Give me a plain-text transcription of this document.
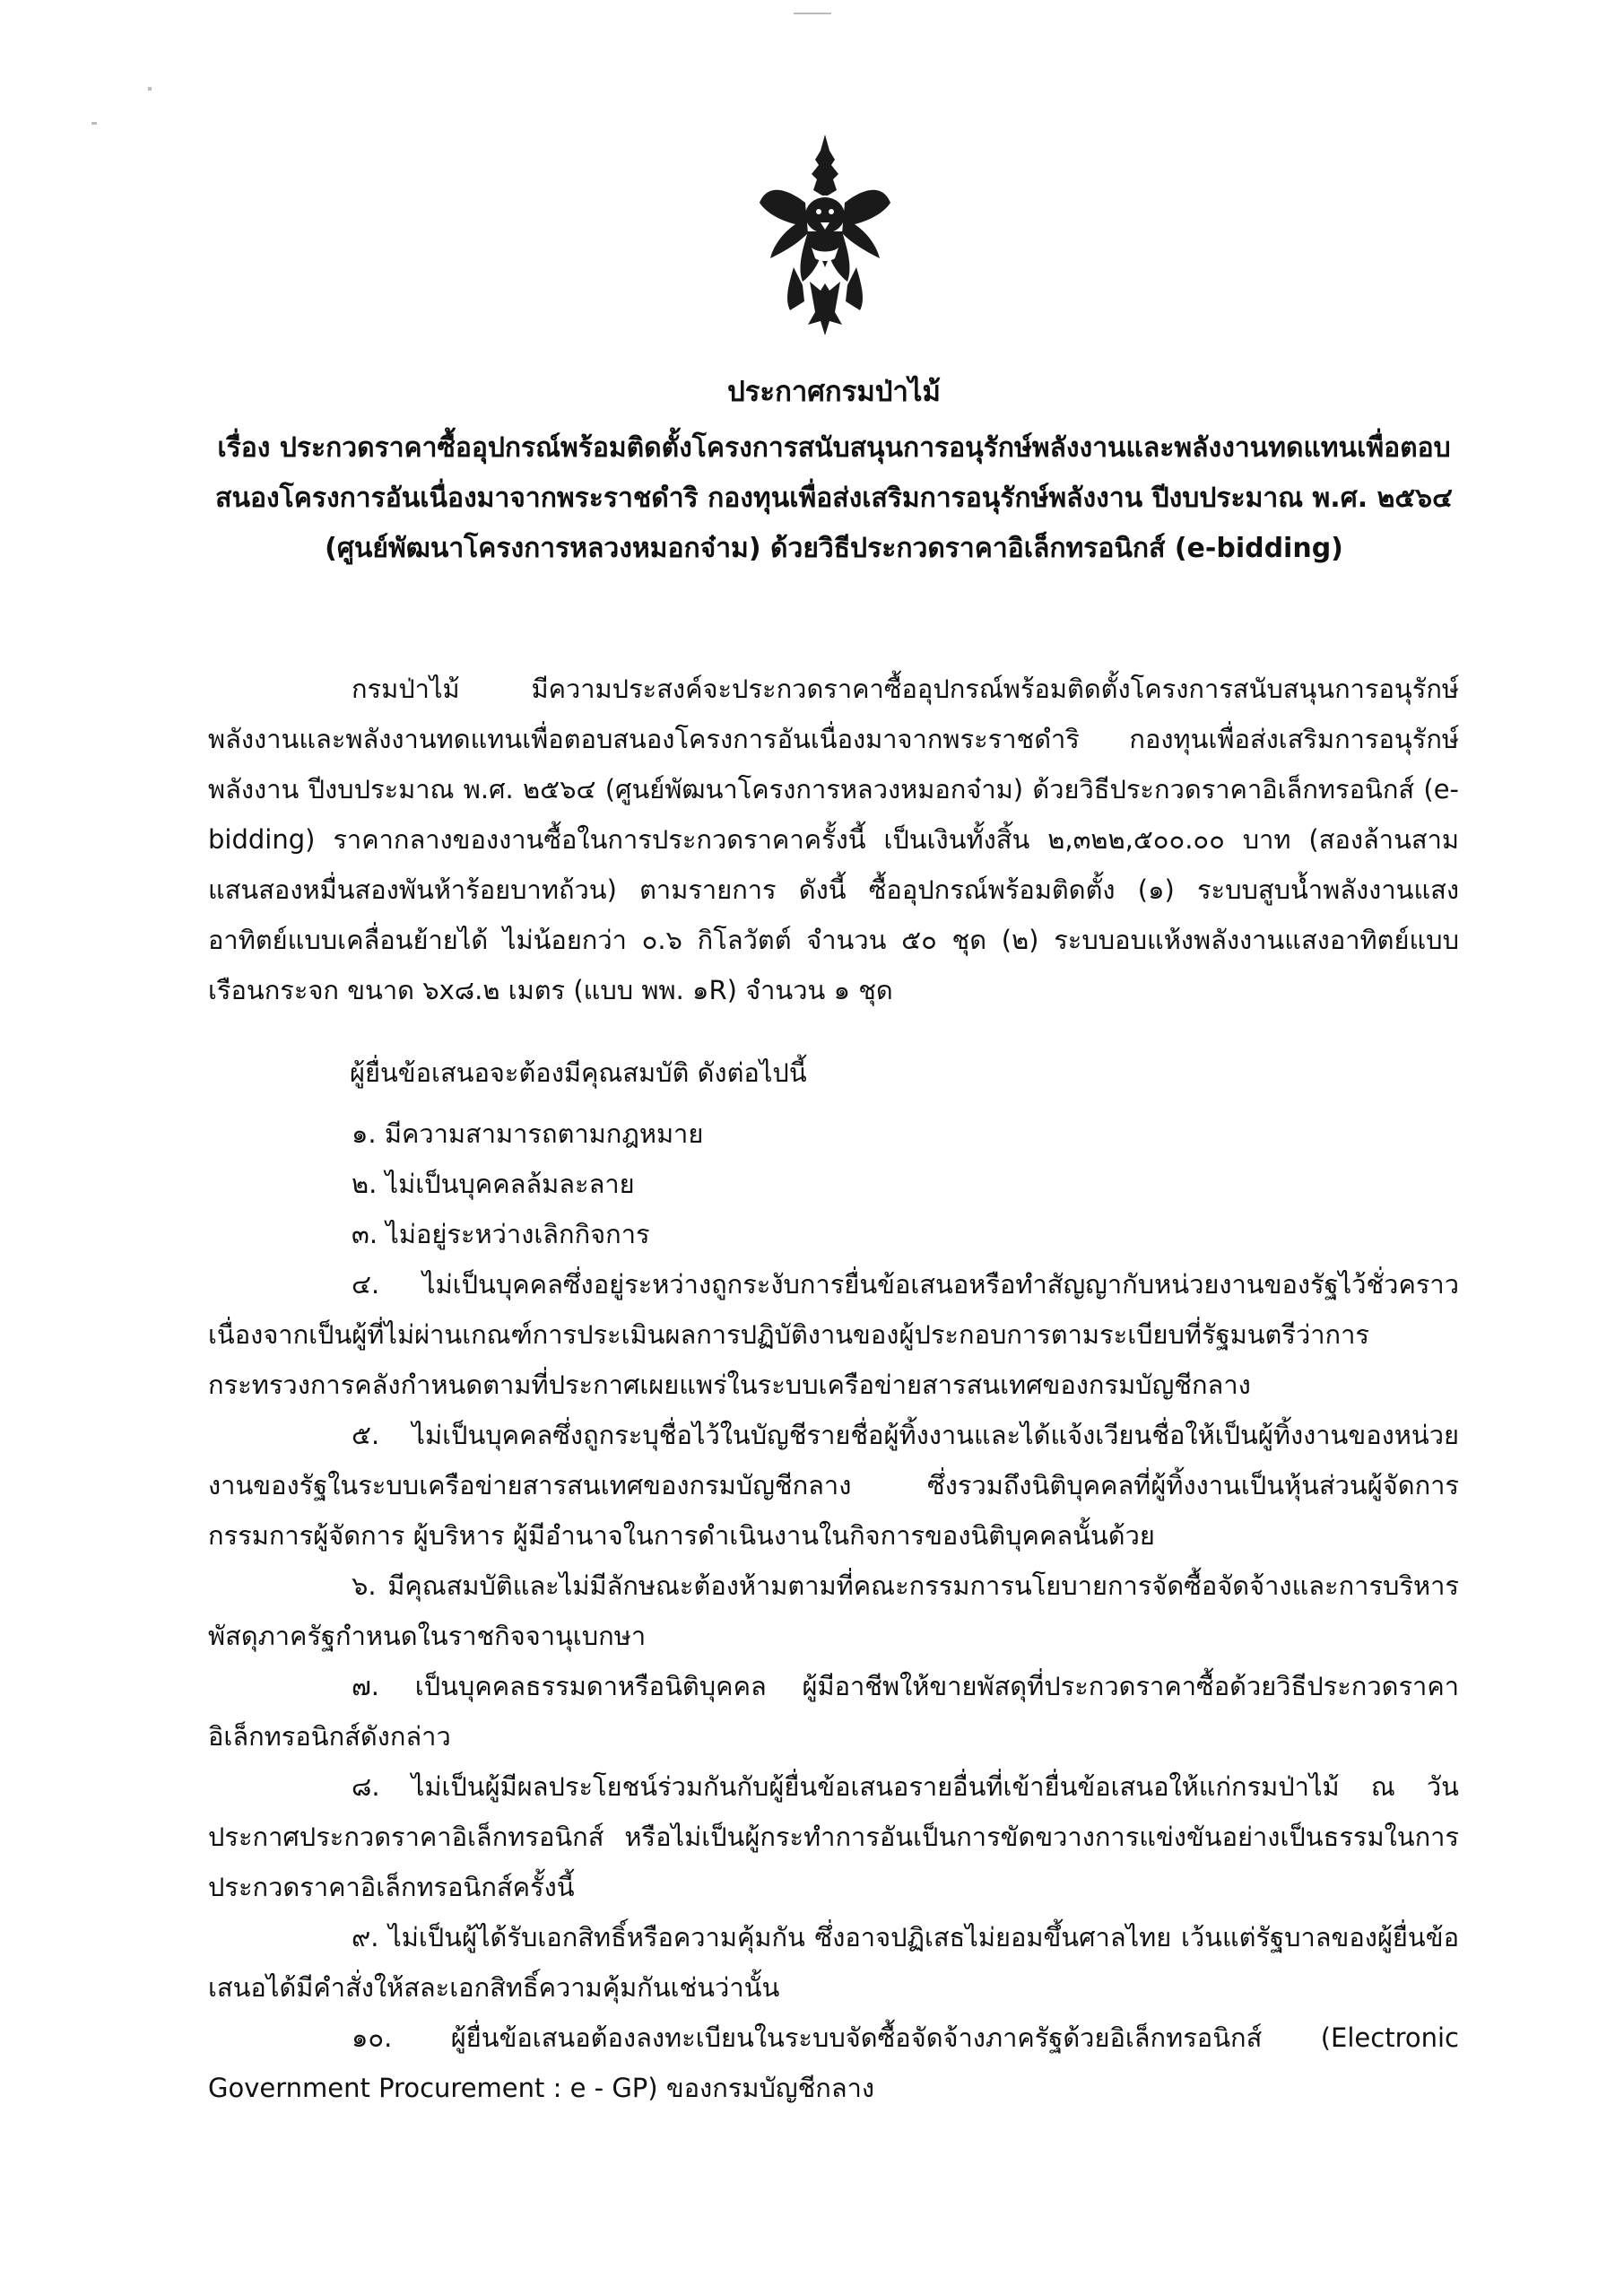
ประกาศกรมป่าไม้
เรื่อง ประกวดราคาซื้ออุปกรณ์พร้อมติดตั้งโครงการสนับสนุนการอนุรักษ์พลังงานและพลังงานทดแทนเพื่อตอบสนองโครงการอันเนื่องมาจากพระราชดำริ กองทุนเพื่อส่งเสริมการอนุรักษ์พลังงาน ปีงบประมาณ พ.ศ. ๒๕๖๔ (ศูนย์พัฒนาโครงการหลวงหมอกจ๋าม) ด้วยวิธีประกวดราคาอิเล็กทรอนิกส์ (e-bidding)
กรมป่าไม้ มีความประสงค์จะประกวดราคาซื้ออุปกรณ์พร้อมติดตั้งโครงการสนับสนุนการอนุรักษ์พลังงานและพลังงานทดแทนเพื่อตอบสนองโครงการอันเนื่องมาจากพระราชดำริ กองทุนเพื่อส่งเสริมการอนุรักษ์พลังงาน ปีงบประมาณ พ.ศ. ๒๕๖๔ (ศูนย์พัฒนาโครงการหลวงหมอกจ๋าม) ด้วยวิธีประกวดราคาอิเล็กทรอนิกส์ (e-bidding) ราคากลางของงานซื้อในการประกวดราคาครั้งนี้ เป็นเงินทั้งสิ้น ๒,๓๒๒,๕๐๐.๐๐ บาท (สองล้านสามแสนสองหมื่นสองพันห้าร้อยบาทถ้วน) ตามรายการ ดังนี้ ซื้ออุปกรณ์พร้อมติดตั้ง (๑) ระบบสูบน้ำพลังงานแสงอาทิตย์แบบเคลื่อนย้ายได้ ไม่น้อยกว่า ๐.๖ กิโลวัตต์ จำนวน ๕๐ ชุด (๒) ระบบอบแห้งพลังงานแสงอาทิตย์แบบเรือนกระจก ขนาด ๖x๘.๒ เมตร (แบบ พพ. ๑R) จำนวน ๑ ชุด
ผู้ยื่นข้อเสนอจะต้องมีคุณสมบัติ ดังต่อไปนี้
๑. มีความสามารถตามกฎหมาย
๒. ไม่เป็นบุคคลล้มละลาย
๓. ไม่อยู่ระหว่างเลิกกิจการ
๔. ไม่เป็นบุคคลซึ่งอยู่ระหว่างถูกระงับการยื่นข้อเสนอหรือทำสัญญากับหน่วยงานของรัฐไว้ชั่วคราวเนื่องจากเป็นผู้ที่ไม่ผ่านเกณฑ์การประเมินผลการปฏิบัติงานของผู้ประกอบการตามระเบียบที่รัฐมนตรีว่าการกระทรวงการคลังกำหนดตามที่ประกาศเผยแพร่ในระบบเครือข่ายสารสนเทศของกรมบัญชีกลาง
๕. ไม่เป็นบุคคลซึ่งถูกระบุชื่อไว้ในบัญชีรายชื่อผู้ทิ้งงานและได้แจ้งเวียนชื่อให้เป็นผู้ทิ้งงานของหน่วยงานของรัฐในระบบเครือข่ายสารสนเทศของกรมบัญชีกลาง ซึ่งรวมถึงนิติบุคคลที่ผู้ทิ้งงานเป็นหุ้นส่วนผู้จัดการ กรรมการผู้จัดการ ผู้บริหาร ผู้มีอำนาจในการดำเนินงานในกิจการของนิติบุคคลนั้นด้วย
๖. มีคุณสมบัติและไม่มีลักษณะต้องห้ามตามที่คณะกรรมการนโยบายการจัดซื้อจัดจ้างและการบริหารพัสดุภาครัฐกำหนดในราชกิจจานุเบกษา
๗. เป็นบุคคลธรรมดาหรือนิติบุคคล ผู้มีอาชีพให้ขายพัสดุที่ประกวดราคาซื้อด้วยวิธีประกวดราคาอิเล็กทรอนิกส์ดังกล่าว
๘. ไม่เป็นผู้มีผลประโยชน์ร่วมกันกับผู้ยื่นข้อเสนอรายอื่นที่เข้ายื่นข้อเสนอให้แก่กรมป่าไม้ ณ วันประกาศประกวดราคาอิเล็กทรอนิกส์ หรือไม่เป็นผู้กระทำการอันเป็นการขัดขวางการแข่งขันอย่างเป็นธรรมในการประกวดราคาอิเล็กทรอนิกส์ครั้งนี้
๙. ไม่เป็นผู้ได้รับเอกสิทธิ์หรือความคุ้มกัน ซึ่งอาจปฏิเสธไม่ยอมขึ้นศาลไทย เว้นแต่รัฐบาลของผู้ยื่นข้อเสนอได้มีคำสั่งให้สละเอกสิทธิ์ความคุ้มกันเช่นว่านั้น
๑๐. ผู้ยื่นข้อเสนอต้องลงทะเบียนในระบบจัดซื้อจัดจ้างภาครัฐด้วยอิเล็กทรอนิกส์ (Electronic Government Procurement : e - GP) ของกรมบัญชีกลาง
